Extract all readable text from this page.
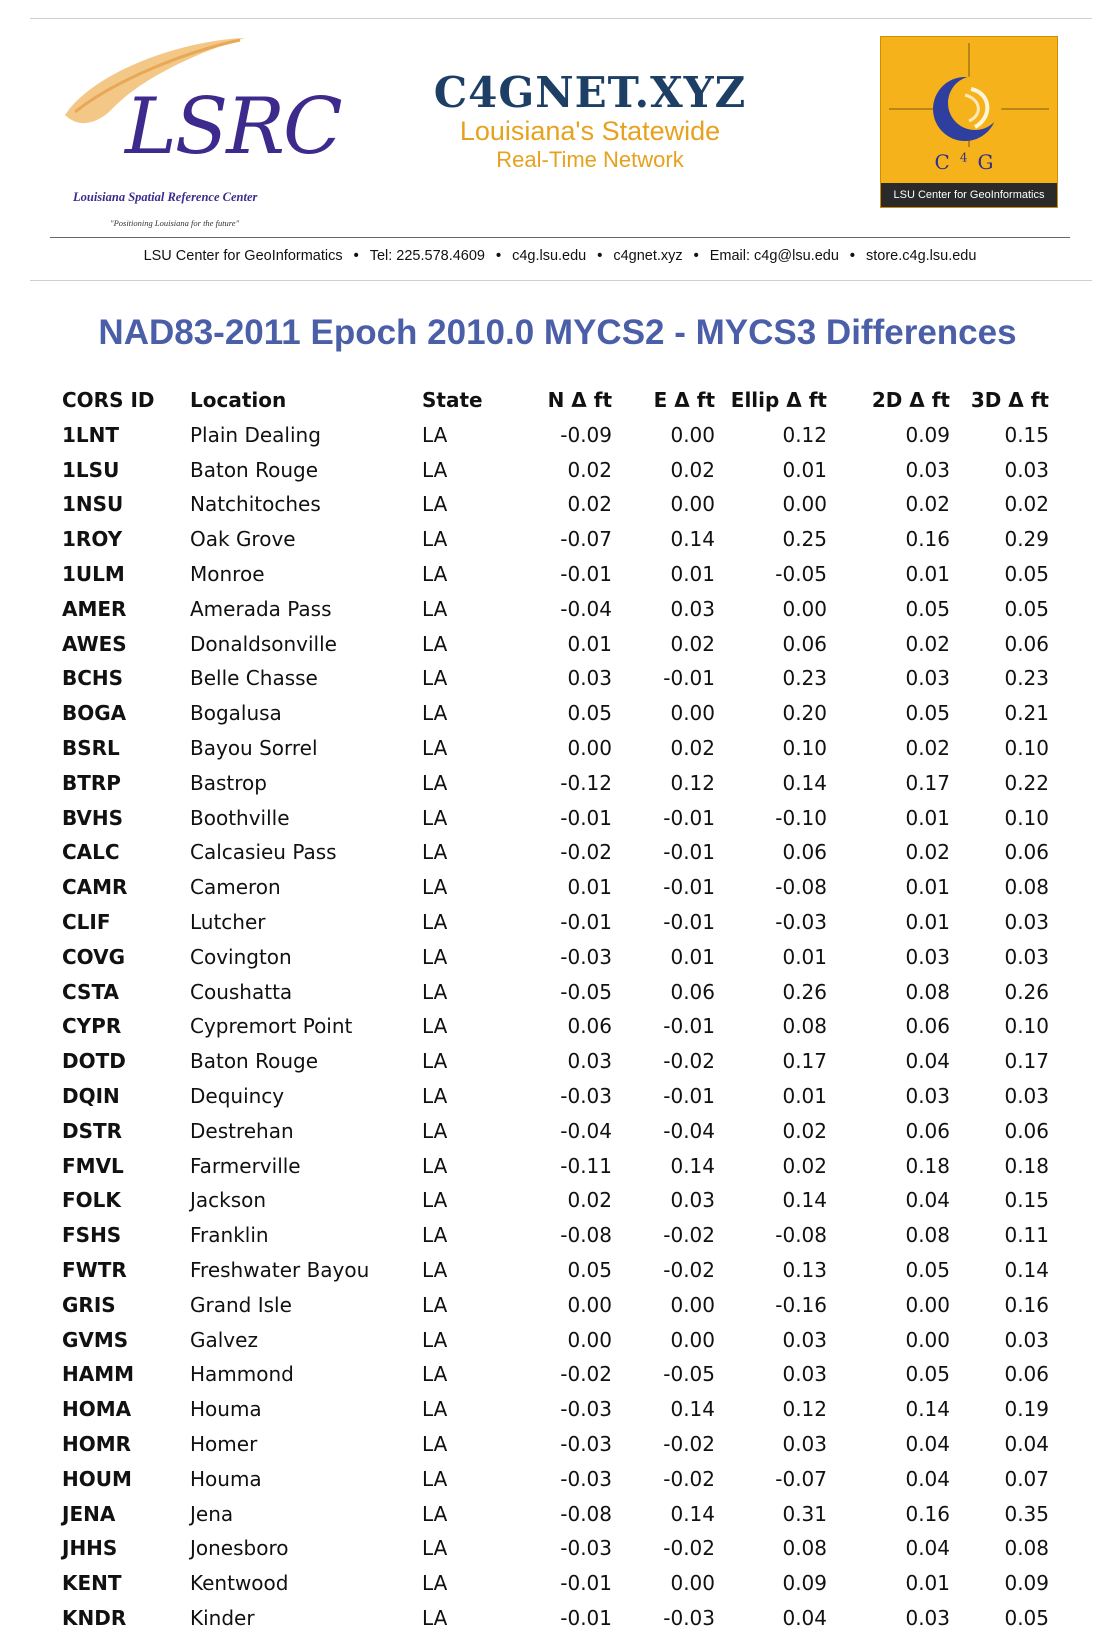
LSRC
Louisiana Spatial Reference Center
"Positioning Louisiana for the future"
C4GNET.XYZ
Louisiana's Statewide
Real-Time Network	$C^4G$
LSU Center for GeoInformatics
LSU Center for GeoInformatics • Tel: 225.578.4609 • c4g.lsu.edu • c4gnet.xyz • Email: c4g@lsu.edu • store.c4g.lsu.edu
NAD83-2011 Epoch 2010.0 MYCS2 - MYCS3 Differences
CORS ID	Location	State	N Δ ft	E Δ ft	Ellip Δ ft	2D Δ ft	3D Δ ft
1LNT	Plain Dealing	LA	-0.09	0.00	0.12	0.09	0.15
1LSU	Baton Rouge	LA	0.02	0.02	0.01	0.03	0.03
1NSU	Natchitoches	LA	0.02	0.00	0.00	0.02	0.02
1ROY	Oak Grove	LA	-0.07	0.14	0.25	0.16	0.29
1ULM	Monroe	LA	-0.01	0.01	-0.05	0.01	0.05
AMER	Amerada Pass	LA	-0.04	0.03	0.00	0.05	0.05
AWES	Donaldsonville	LA	0.01	0.02	0.06	0.02	0.06
BCHS	Belle Chasse	LA	0.03	-0.01	0.23	0.03	0.23
BOGA	Bogalusa	LA	0.05	0.00	0.20	0.05	0.21
BSRL	Bayou Sorrel	LA	0.00	0.02	0.10	0.02	0.10
BTRP	Bastrop	LA	-0.12	0.12	0.14	0.17	0.22
BVHS	Boothville	LA	-0.01	-0.01	-0.10	0.01	0.10
CALC	Calcasieu Pass	LA	-0.02	-0.01	0.06	0.02	0.06
CAMR	Cameron	LA	0.01	-0.01	-0.08	0.01	0.08
CLIF	Lutcher	LA	-0.01	-0.01	-0.03	0.01	0.03
COVG	Covington	LA	-0.03	0.01	0.01	0.03	0.03
CSTA	Coushatta	LA	-0.05	0.06	0.26	0.08	0.26
CYPR	Cypremort Point	LA	0.06	-0.01	0.08	0.06	0.10
DOTD	Baton Rouge	LA	0.03	-0.02	0.17	0.04	0.17
DQIN	Dequincy	LA	-0.03	-0.01	0.01	0.03	0.03
DSTR	Destrehan	LA	-0.04	-0.04	0.02	0.06	0.06
FMVL	Farmerville	LA	-0.11	0.14	0.02	0.18	0.18
FOLK	Jackson	LA	0.02	0.03	0.14	0.04	0.15
FSHS	Franklin	LA	-0.08	-0.02	-0.08	0.08	0.11
FWTR	Freshwater Bayou	LA	0.05	-0.02	0.13	0.05	0.14
GRIS	Grand Isle	LA	0.00	0.00	-0.16	0.00	0.16
GVMS	Galvez	LA	0.00	0.00	0.03	0.00	0.03
HAMM	Hammond	LA	-0.02	-0.05	0.03	0.05	0.06
HOMA	Houma	LA	-0.03	0.14	0.12	0.14	0.19
HOMR	Homer	LA	-0.03	-0.02	0.03	0.04	0.04
HOUM	Houma	LA	-0.03	-0.02	-0.07	0.04	0.07
JENA	Jena	LA	-0.08	0.14	0.31	0.16	0.35
JHHS	Jonesboro	LA	-0.03	-0.02	0.08	0.04	0.08
KENT	Kentwood	LA	-0.01	0.00	0.09	0.01	0.09
KNDR	Kinder	LA	-0.01	-0.03	0.04	0.03	0.05
